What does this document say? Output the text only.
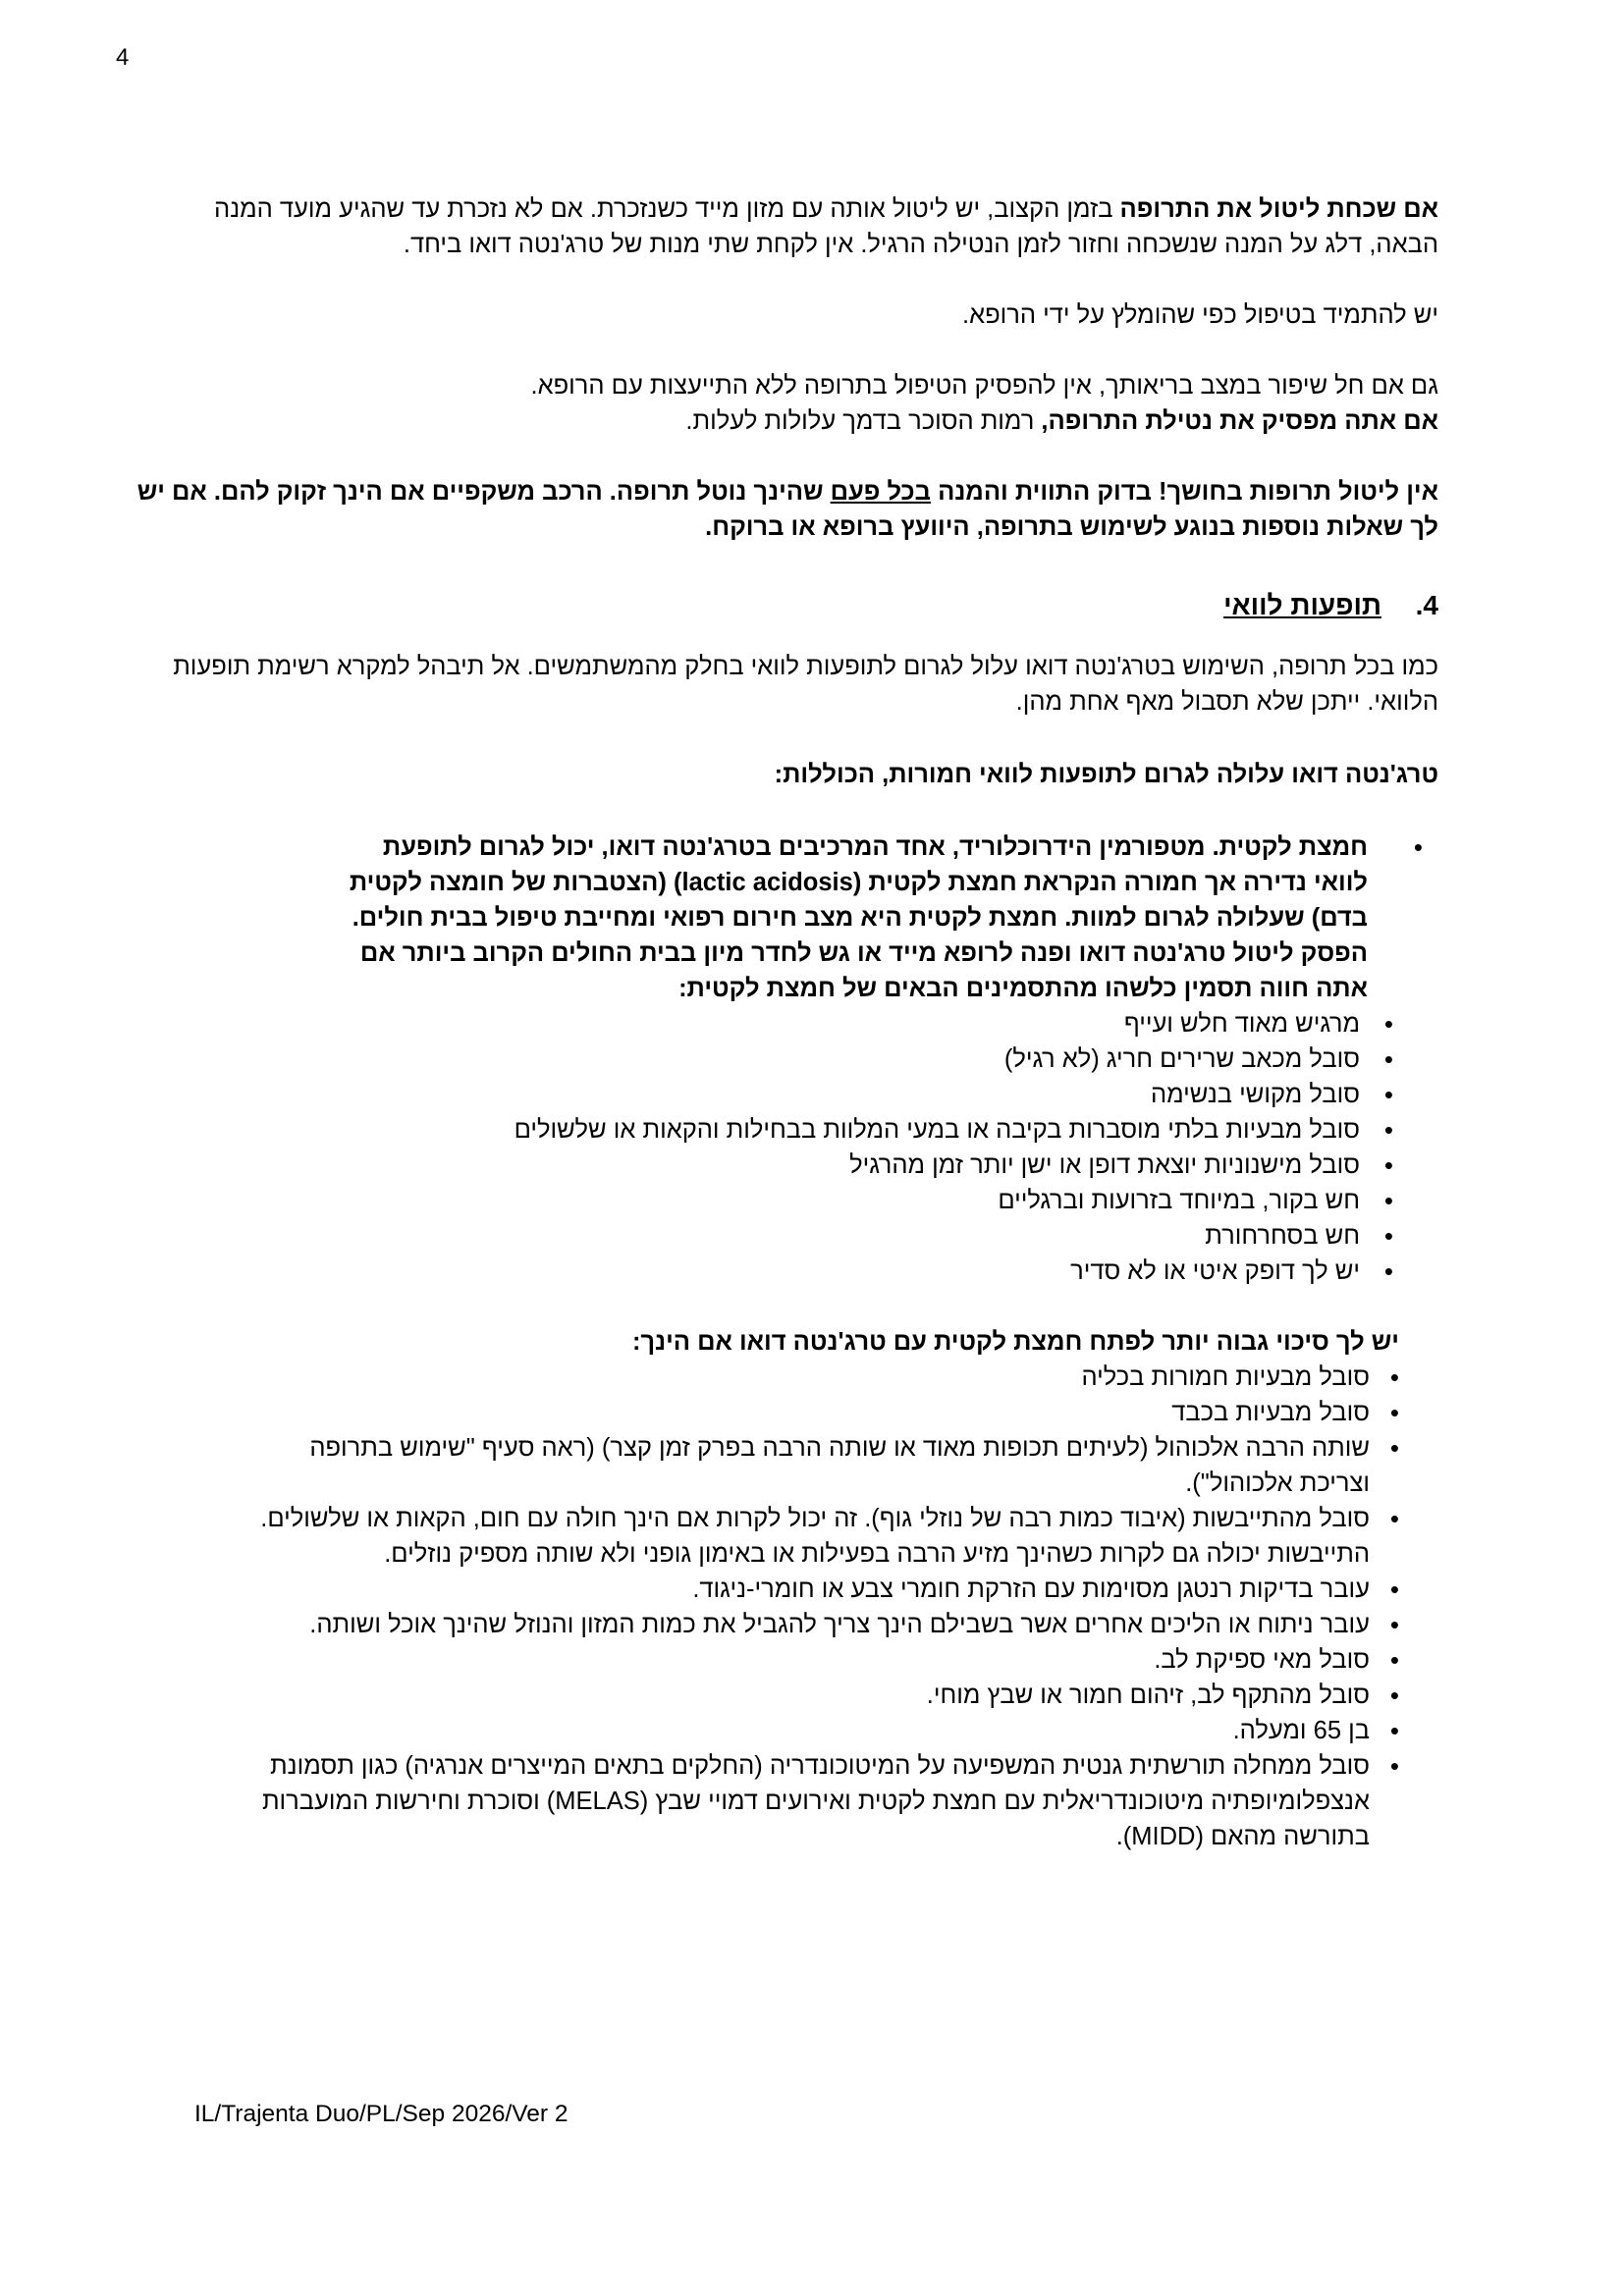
4

אם שכחת ליטול את התרופה בזמן הקצוב, יש ליטול אותה עם מזון מייד כשנזכרת. אם לא נזכרת עד שהגיע מועד המנה הבאה, דלג על המנה שנשכחה וחזור לזמן הנטילה הרגיל. אין לקחת שתי מנות של טרג'נטה דואו ביחד.

יש להתמיד בטיפול כפי שהומלץ על ידי הרופא.

גם אם חל שיפור במצב בריאותך, אין להפסיק הטיפול בתרופה ללא התייעצות עם הרופא.

אם אתה מפסיק את נטילת התרופה, רמות הסוכר בדמך עלולות לעלות.

אין ליטול תרופות בחושך! בדוק התווית והמנה בכל פעם שהינך נוטל תרופה. הרכב משקפיים אם הינך זקוק להם. אם יש לך שאלות נוספות בנוגע לשימוש בתרופה, היוועץ ברופא או ברוקח.

4.תופעות לוואי

כמו בכל תרופה, השימוש בטרג'נטה דואו עלול לגרום לתופעות לוואי בחלק מהמשתמשים. אל תיבהל למקרא רשימת תופעות הלוואי. ייתכן שלא תסבול מאף אחת מהן.

טרג'נטה דואו עלולה לגרום לתופעות לוואי חמורות, הכוללות:

• חמצת לקטית. מטפורמין הידרוכלוריד, אחד המרכיבים בטרג'נטה דואו, יכול לגרום לתופעת לוואי נדירה אך חמורה הנקראת חמצת לקטית (lactic acidosis) (הצטברות של חומצה לקטית בדם) שעלולה לגרום למוות. חמצת לקטית היא מצב חירום רפואי ומחייבת טיפול בבית חולים.
הפסק ליטול טרג'נטה דואו ופנה לרופא מייד או גש לחדר מיון בבית החולים הקרוב ביותר אם אתה חווה תסמין כלשהו מהתסמינים הבאים של חמצת לקטית:
• מרגיש מאוד חלש ועייף
• סובל מכאב שרירים חריג (לא רגיל)
• סובל מקושי בנשימה
• סובל מבעיות בלתי מוסברות בקיבה או במעי המלוות בבחילות והקאות או שלשולים
• סובל מישנוניות יוצאת דופן או ישן יותר זמן מהרגיל
• חש בקור, במיוחד בזרועות וברגליים
• חש בסחרחורת
• יש לך דופק איטי או לא סדיר

יש לך סיכוי גבוה יותר לפתח חמצת לקטית עם טרג'נטה דואו אם הינך:

• סובל מבעיות חמורות בכליה
• סובל מבעיות בכבד
• שותה הרבה אלכוהול (לעיתים תכופות מאוד או שותה הרבה בפרק זמן קצר) (ראה סעיף "שימוש בתרופה וצריכת אלכוהול").
• סובל מהתייבשות (איבוד כמות רבה של נוזלי גוף). זה יכול לקרות אם הינך חולה עם חום, הקאות או שלשולים. התייבשות יכולה גם לקרות כשהינך מזיע הרבה בפעילות או באימון גופני ולא שותה מספיק נוזלים.
• עובר בדיקות רנטגן מסוימות עם הזרקת חומרי צבע או חומרי-ניגוד.
• עובר ניתוח או הליכים אחרים אשר בשבילם הינך צריך להגביל את כמות המזון והנוזל שהינך אוכל ושותה.
• סובל מאי ספיקת לב.
• סובל מהתקף לב, זיהום חמור או שבץ מוחי.
• בן 65 ומעלה.
• סובל ממחלה תורשתית גנטית המשפיעה על המיטוכונדריה (החלקים בתאים המייצרים אנרגיה) כגון תסמונת אנצפלומיופתיה מיטוכונדריאלית עם חמצת לקטית ואירועים דמויי שבץ (MELAS) וסוכרת וחירשות המועברות בתורשה מהאם (MIDD).
IL/Trajenta Duo/PL/Sep 2026/Ver 2
